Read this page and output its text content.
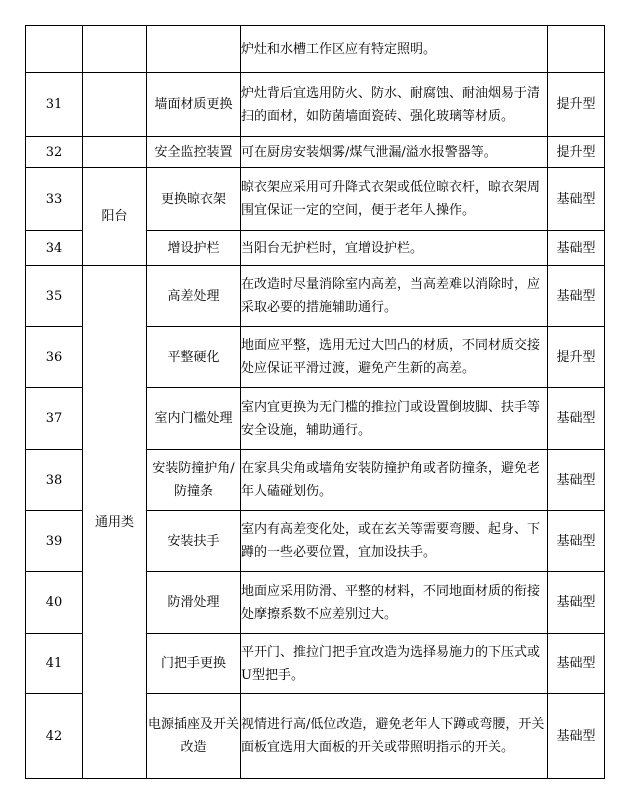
			炉灶和水槽工作区应有特定照明。	
31		墙面材质更换	炉灶背后宜选用防火、防水、耐腐蚀、耐油烟易于清扫的面材，如防菌墙面瓷砖、强化玻璃等材质。	提升型
32		安全监控装置	可在厨房安装烟雾/煤气泄漏/溢水报警器等。	提升型
33	阳台	更换晾衣架	晾衣架应采用可升降式衣架或低位晾衣杆，晾衣架周围宜保证一定的空间，便于老年人操作。	基础型
34		增设护栏	当阳台无护栏时，宜增设护栏。	基础型
35	通用类	高差处理	在改造时尽量消除室内高差，当高差难以消除时，应采取必要的措施辅助通行。	基础型
36		平整硬化	地面应平整，选用无过大凹凸的材质，不同材质交接处应保证平滑过渡，避免产生新的高差。	提升型
37		室内门槛处理	室内宜更换为无门槛的推拉门或设置倒坡脚、扶手等安全设施，辅助通行。	基础型
38		安装防撞护角/防撞条	在家具尖角或墙角安装防撞护角或者防撞条，避免老年人磕碰划伤。	基础型
39		安装扶手	室内有高差变化处，或在玄关等需要弯腰、起身、下蹲的一些必要位置，宜加设扶手。	基础型
40		防滑处理	地面应采用防滑、平整的材料，不同地面材质的衔接处摩擦系数不应差别过大。	基础型
41		门把手更换	平开门、推拉门把手宜改造为选择易施力的下压式或U型把手。	基础型
42		电源插座及开关改造	视情进行高/低位改造，避免老年人下蹲或弯腰，开关面板宜选用大面板的开关或带照明指示的开关。	基础型
